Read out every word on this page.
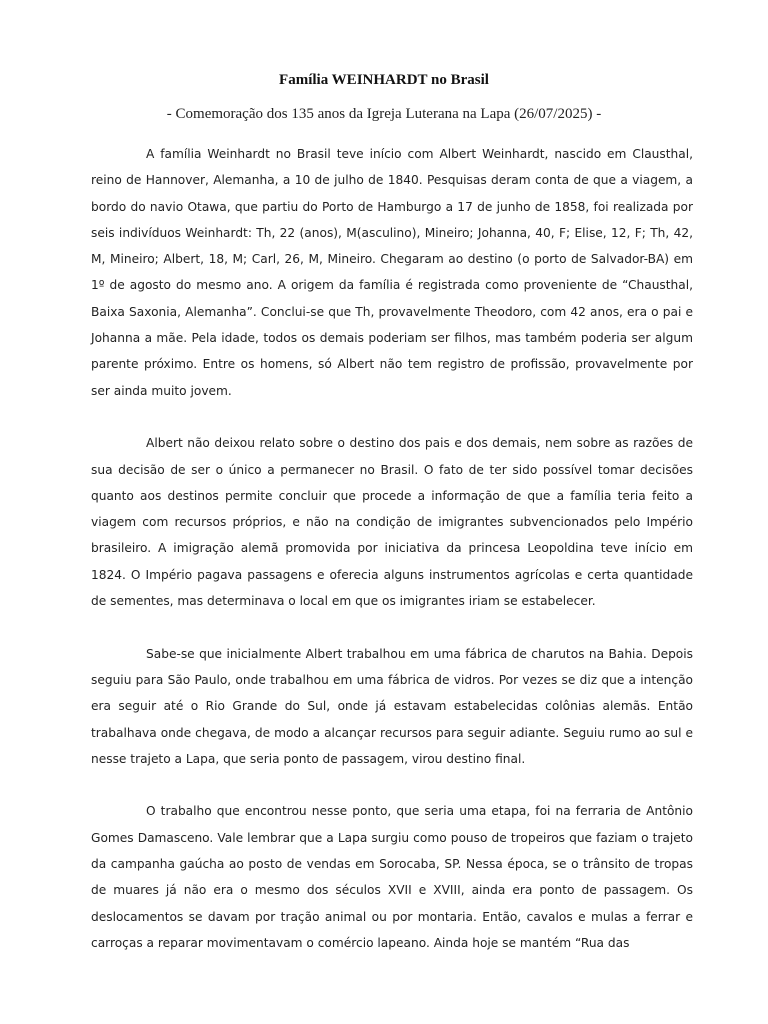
Família WEINHARDT no Brasil
- Comemoração dos 135 anos da Igreja Luterana na Lapa (26/07/2025) -

A família Weinhardt no Brasil teve início com Albert Weinhardt, nascido em Clausthal, reino de Hannover, Alemanha, a 10 de julho de 1840. Pesquisas deram conta de que a viagem, a bordo do navio Otawa, que partiu do Porto de Hamburgo a 17 de junho de 1858, foi realizada por seis indivíduos Weinhardt: Th, 22 (anos), M(asculino), Mineiro; Johanna, 40, F; Elise, 12, F; Th, 42, M, Mineiro; Albert, 18, M; Carl, 26, M, Mineiro. Chegaram ao destino (o porto de Salvador-BA) em 1º de agosto do mesmo ano. A origem da família é registrada como proveniente de “Chausthal, Baixa Saxonia, Alemanha”. Conclui-se que Th, provavelmente Theodoro, com 42 anos, era o pai e Johanna a mãe. Pela idade, todos os demais poderiam ser filhos, mas também poderia ser algum parente próximo. Entre os homens, só Albert não tem registro de profissão, provavelmente por ser ainda muito jovem.

Albert não deixou relato sobre o destino dos pais e dos demais, nem sobre as razões de sua decisão de ser o único a permanecer no Brasil. O fato de ter sido possível tomar decisões quanto aos destinos permite concluir que procede a informação de que a família teria feito a viagem com recursos próprios, e não na condição de imigrantes subvencionados pelo Império brasileiro. A imigração alemã promovida por iniciativa da princesa Leopoldina teve início em 1824. O Império pagava passagens e oferecia alguns instrumentos agrícolas e certa quantidade de sementes, mas determinava o local em que os imigrantes iriam se estabelecer.

Sabe-se que inicialmente Albert trabalhou em uma fábrica de charutos na Bahia. Depois seguiu para São Paulo, onde trabalhou em uma fábrica de vidros. Por vezes se diz que a intenção era seguir até o Rio Grande do Sul, onde já estavam estabelecidas colônias alemãs. Então trabalhava onde chegava, de modo a alcançar recursos para seguir adiante. Seguiu rumo ao sul e nesse trajeto a Lapa, que seria ponto de passagem, virou destino final.

O trabalho que encontrou nesse ponto, que seria uma etapa, foi na ferraria de Antônio Gomes Damasceno. Vale lembrar que a Lapa surgiu como pouso de tropeiros que faziam o trajeto da campanha gaúcha ao posto de vendas em Sorocaba, SP. Nessa época, se o trânsito de tropas de muares já não era o mesmo dos séculos XVII e XVIII, ainda era ponto de passagem. Os deslocamentos se davam por tração animal ou por montaria. Então, cavalos e mulas a ferrar e carroças a reparar movimentavam o comércio lapeano. Ainda hoje se mantém “Rua das
